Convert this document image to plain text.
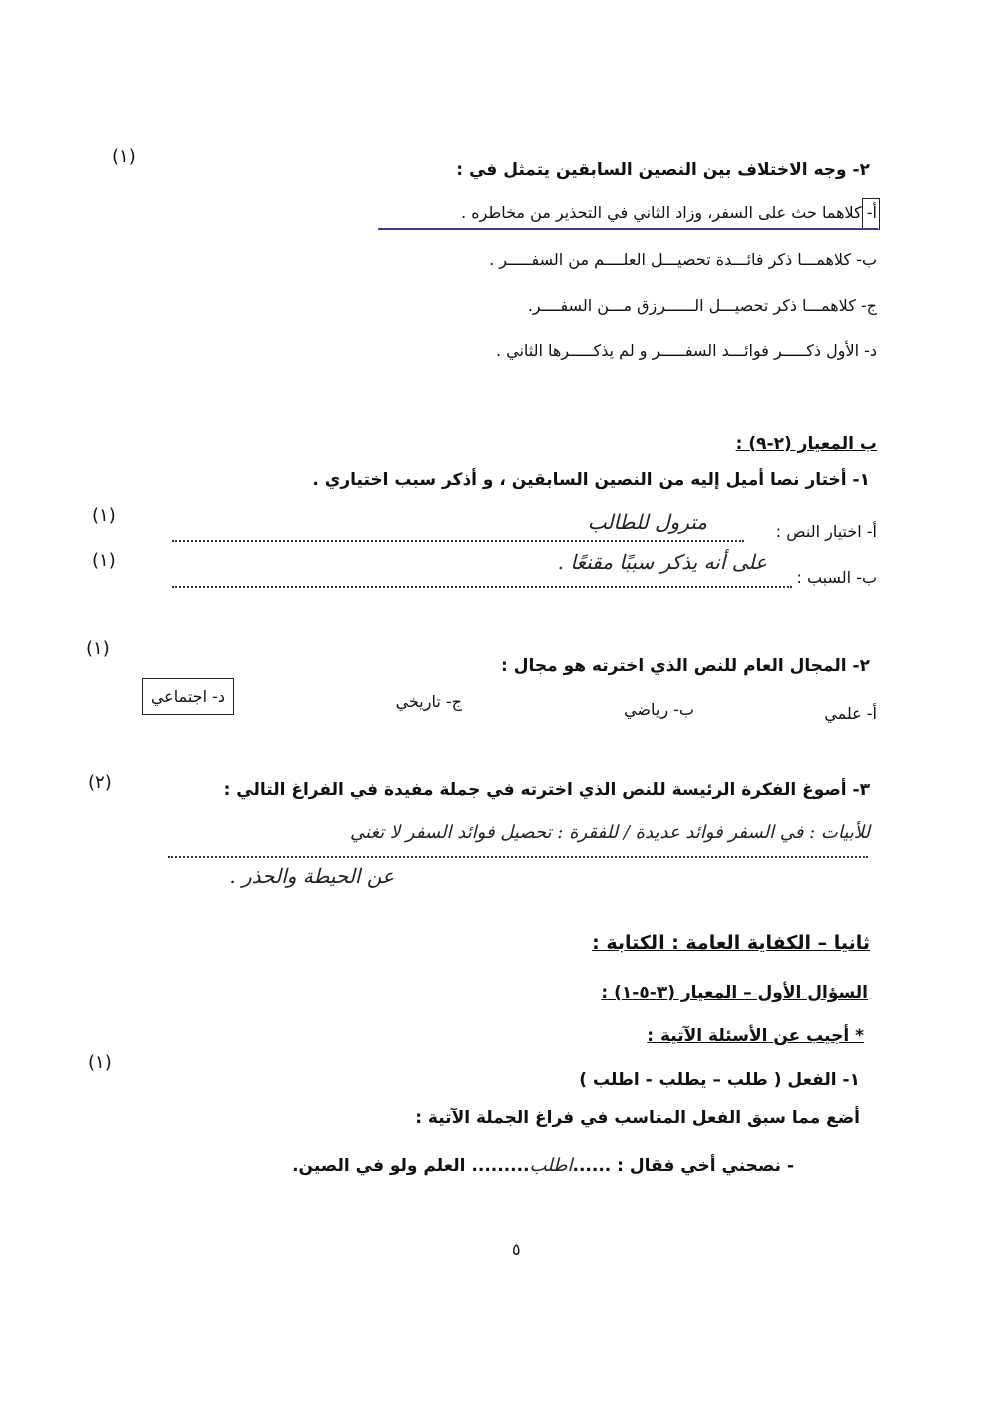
(١)
٢- وجه الاختلاف بين النصين السابقين يتمثل في :
أ- كلاهما حث على السفر، وزاد الثاني في التحذير من مخاطره .
ب- كلاهمـــا ذكر فائـــدة تحصيـــل العلــــم من السفـــــر .
ج- كلاهمـــا ذكر تحصيـــل الــــــرزق مـــن السفــــر.
د- الأول ذكـــــر فوائـــد السفـــــر و لم يذكـــــرها الثاني .
ب المعيار (٢-٩) :
١- أختار نصا أميل إليه من النصين السابقين ، و أذكر سبب اختياري .
(١)
أ- اختيار النص :
مترول للطالب
(١)
ب- السبب :
على أنه يذكر سببًا مقنعًا .
(١)
٢- المجال العام للنص الذي اخترته هو مجال :
أ- علمي
ب- رياضي
ج- تاريخي
د- اجتماعي
(٢)	٣- أصوغ الفكرة الرئيسة للنص الذي اخترته في جملة مفيدة في الفراغ التالي :
للأبيات : في السفر فوائد عديدة / للفقرة : تحصيل فوائد السفر لا تغني
عن الحيطة والحذر .
ثانيا – الكفاية العامة : الكتابة :
السؤال الأول – المعيار (٣-٥-١) :
* أجيب عن الأسئلة الآتية :
(١)
١- الفعل ( طلب – يطلب - اطلب )
أضع مما سبق الفعل المناسب في فراغ الجملة الآتية :
- نصحني أخي فقال : ......اطلب......... العلم ولو في الصين.
٥
